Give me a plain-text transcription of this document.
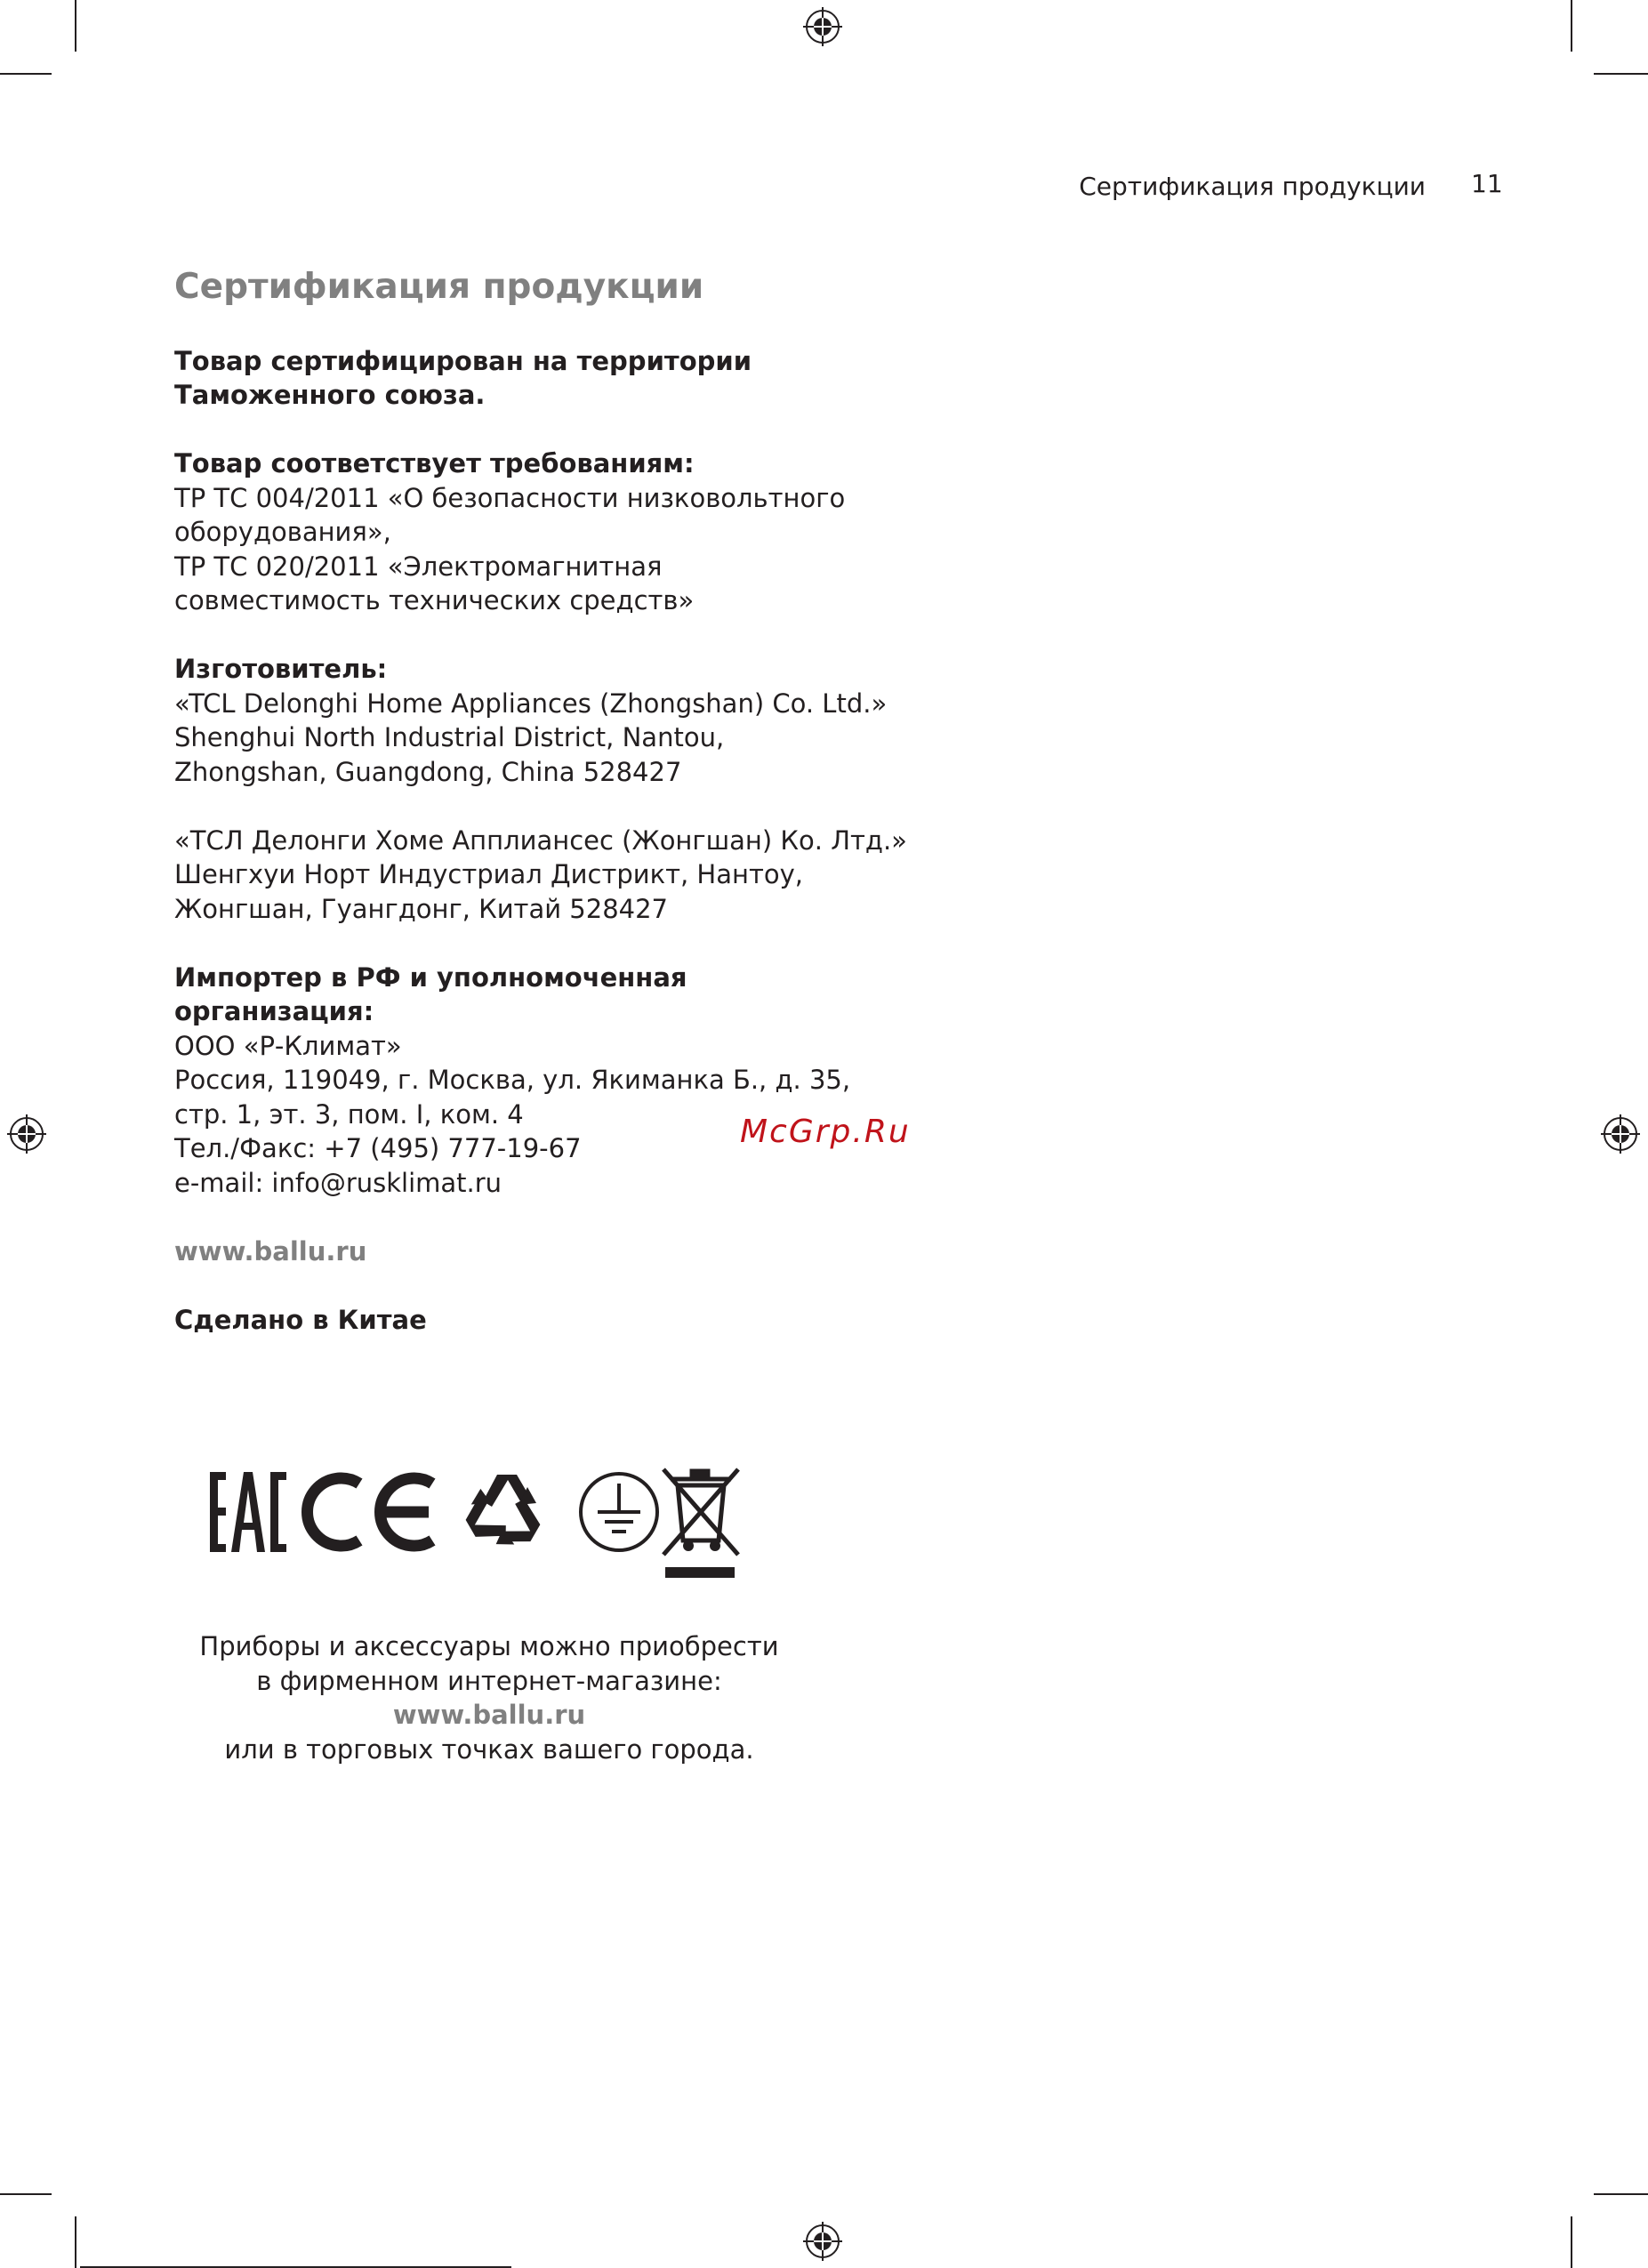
Сертификация продукции 11
Сертификация продукции
Товар сертифицирован на территории
Таможенного союза.
Товар соответствует требованиям:
ТР ТС 004/2011 «О безопасности низковольтного
оборудования»,
ТР ТС 020/2011 «Электромагнитная
совместимость технических средств»
Изготовитель:
«TCL Delonghi Home Appliances (Zhongshan) Co. Ltd.»
Shenghui North Industrial District, Nantou,
Zhongshan, Guangdong, China 528427
«ТСЛ Делонги Хоме Апплиансес (Жонгшан) Ко. Лтд.»
Шенгхуи Норт Индустриал Дистрикт, Нантоу,
Жонгшан, Гуангдонг, Китай 528427
Импортер в РФ и уполномоченная
организация:
ООО «Р-Климат»
Россия, 119049, г. Москва, ул. Якиманка Б., д. 35,
стр. 1, эт. 3, пом. I, ком. 4
Тел./Факс: +7 (495) 777-19-67
e-mail: info@rusklimat.ru
www.ballu.ru
Сделано в Китае
McGrp.Ru
Приборы и аксессуары можно приобрести
в фирменном интернет-магазине:
www.ballu.ru
или в торговых точках вашего города.
